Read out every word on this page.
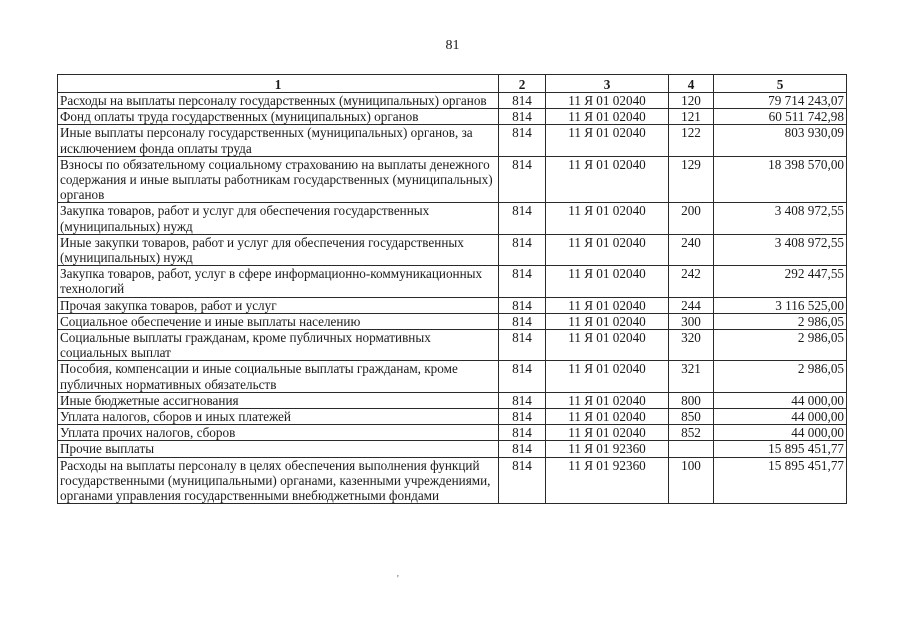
81
1	2	3	4	5
Расходы на выплаты персоналу государственных (муниципальных) органов	814	11 Я 01 02040	120	79 714 243,07
Фонд оплаты труда государственных (муниципальных) органов	814	11 Я 01 02040	121	60 511 742,98
Иные выплаты персоналу государственных (муниципальных) органов, за исключением фонда оплаты труда	814	11 Я 01 02040	122	803 930,09
Взносы по обязательному социальному страхованию на выплаты денежного содержания и иные выплаты работникам государственных (муниципальных) органов	814	11 Я 01 02040	129	18 398 570,00
Закупка товаров, работ и услуг для обеспечения государственных (муниципальных) нужд	814	11 Я 01 02040	200	3 408 972,55
Иные закупки товаров, работ и услуг для обеспечения государственных (муниципальных) нужд	814	11 Я 01 02040	240	3 408 972,55
Закупка товаров, работ, услуг в сфере информационно-коммуникационных технологий	814	11 Я 01 02040	242	292 447,55
Прочая закупка товаров, работ и услуг	814	11 Я 01 02040	244	3 116 525,00
Социальное обеспечение и иные выплаты населению	814	11 Я 01 02040	300	2 986,05
Социальные выплаты гражданам, кроме публичных нормативных социальных выплат	814	11 Я 01 02040	320	2 986,05
Пособия, компенсации и иные социальные выплаты гражданам, кроме публичных нормативных обязательств	814	11 Я 01 02040	321	2 986,05
Иные бюджетные ассигнования	814	11 Я 01 02040	800	44 000,00
Уплата налогов, сборов и иных платежей	814	11 Я 01 02040	850	44 000,00
Уплата прочих налогов, сборов	814	11 Я 01 02040	852	44 000,00
Прочие выплаты	814	11 Я 01 92360		15 895 451,77
Расходы на выплаты персоналу в целях обеспечения выполнения функций государственными (муниципальными) органами, казенными учреждениями, органами управления государственными внебюджетными фондами	814	11 Я 01 92360	100	15 895 451,77
'
